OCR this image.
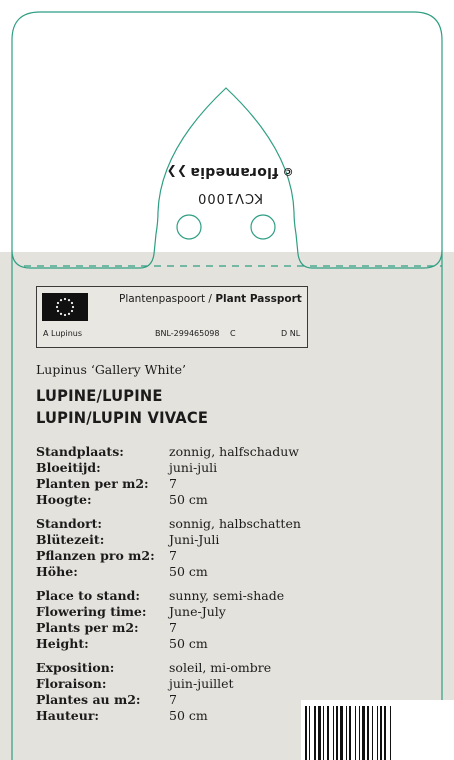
©floramedia❯❯
KCV1000
Plantenpaspoort / Plant Passport
A Lupinus	BNL-299465098 C	D NL
Lupinus ‘Gallery White’
LUPINE/LUPINE
LUPIN/LUPIN VIVACE
Standplaats:	zonnig, halfschaduw
Bloeitijd:	juni-juli
Planten per m2: 7
Hoogte:	50 cm
Standort:	sonnig, halbschatten
Blütezeit:	Juni-Juli
Pflanzen pro m2: 7
Höhe:	50 cm
Place to stand: sunny, semi-shade
Flowering time: June-July
Plants per m2: 7
Height:	50 cm
Exposition:	soleil, mi-ombre
Floraison:	juin-juillet
Plantes au m2: 7
Hauteur:	50 cm
